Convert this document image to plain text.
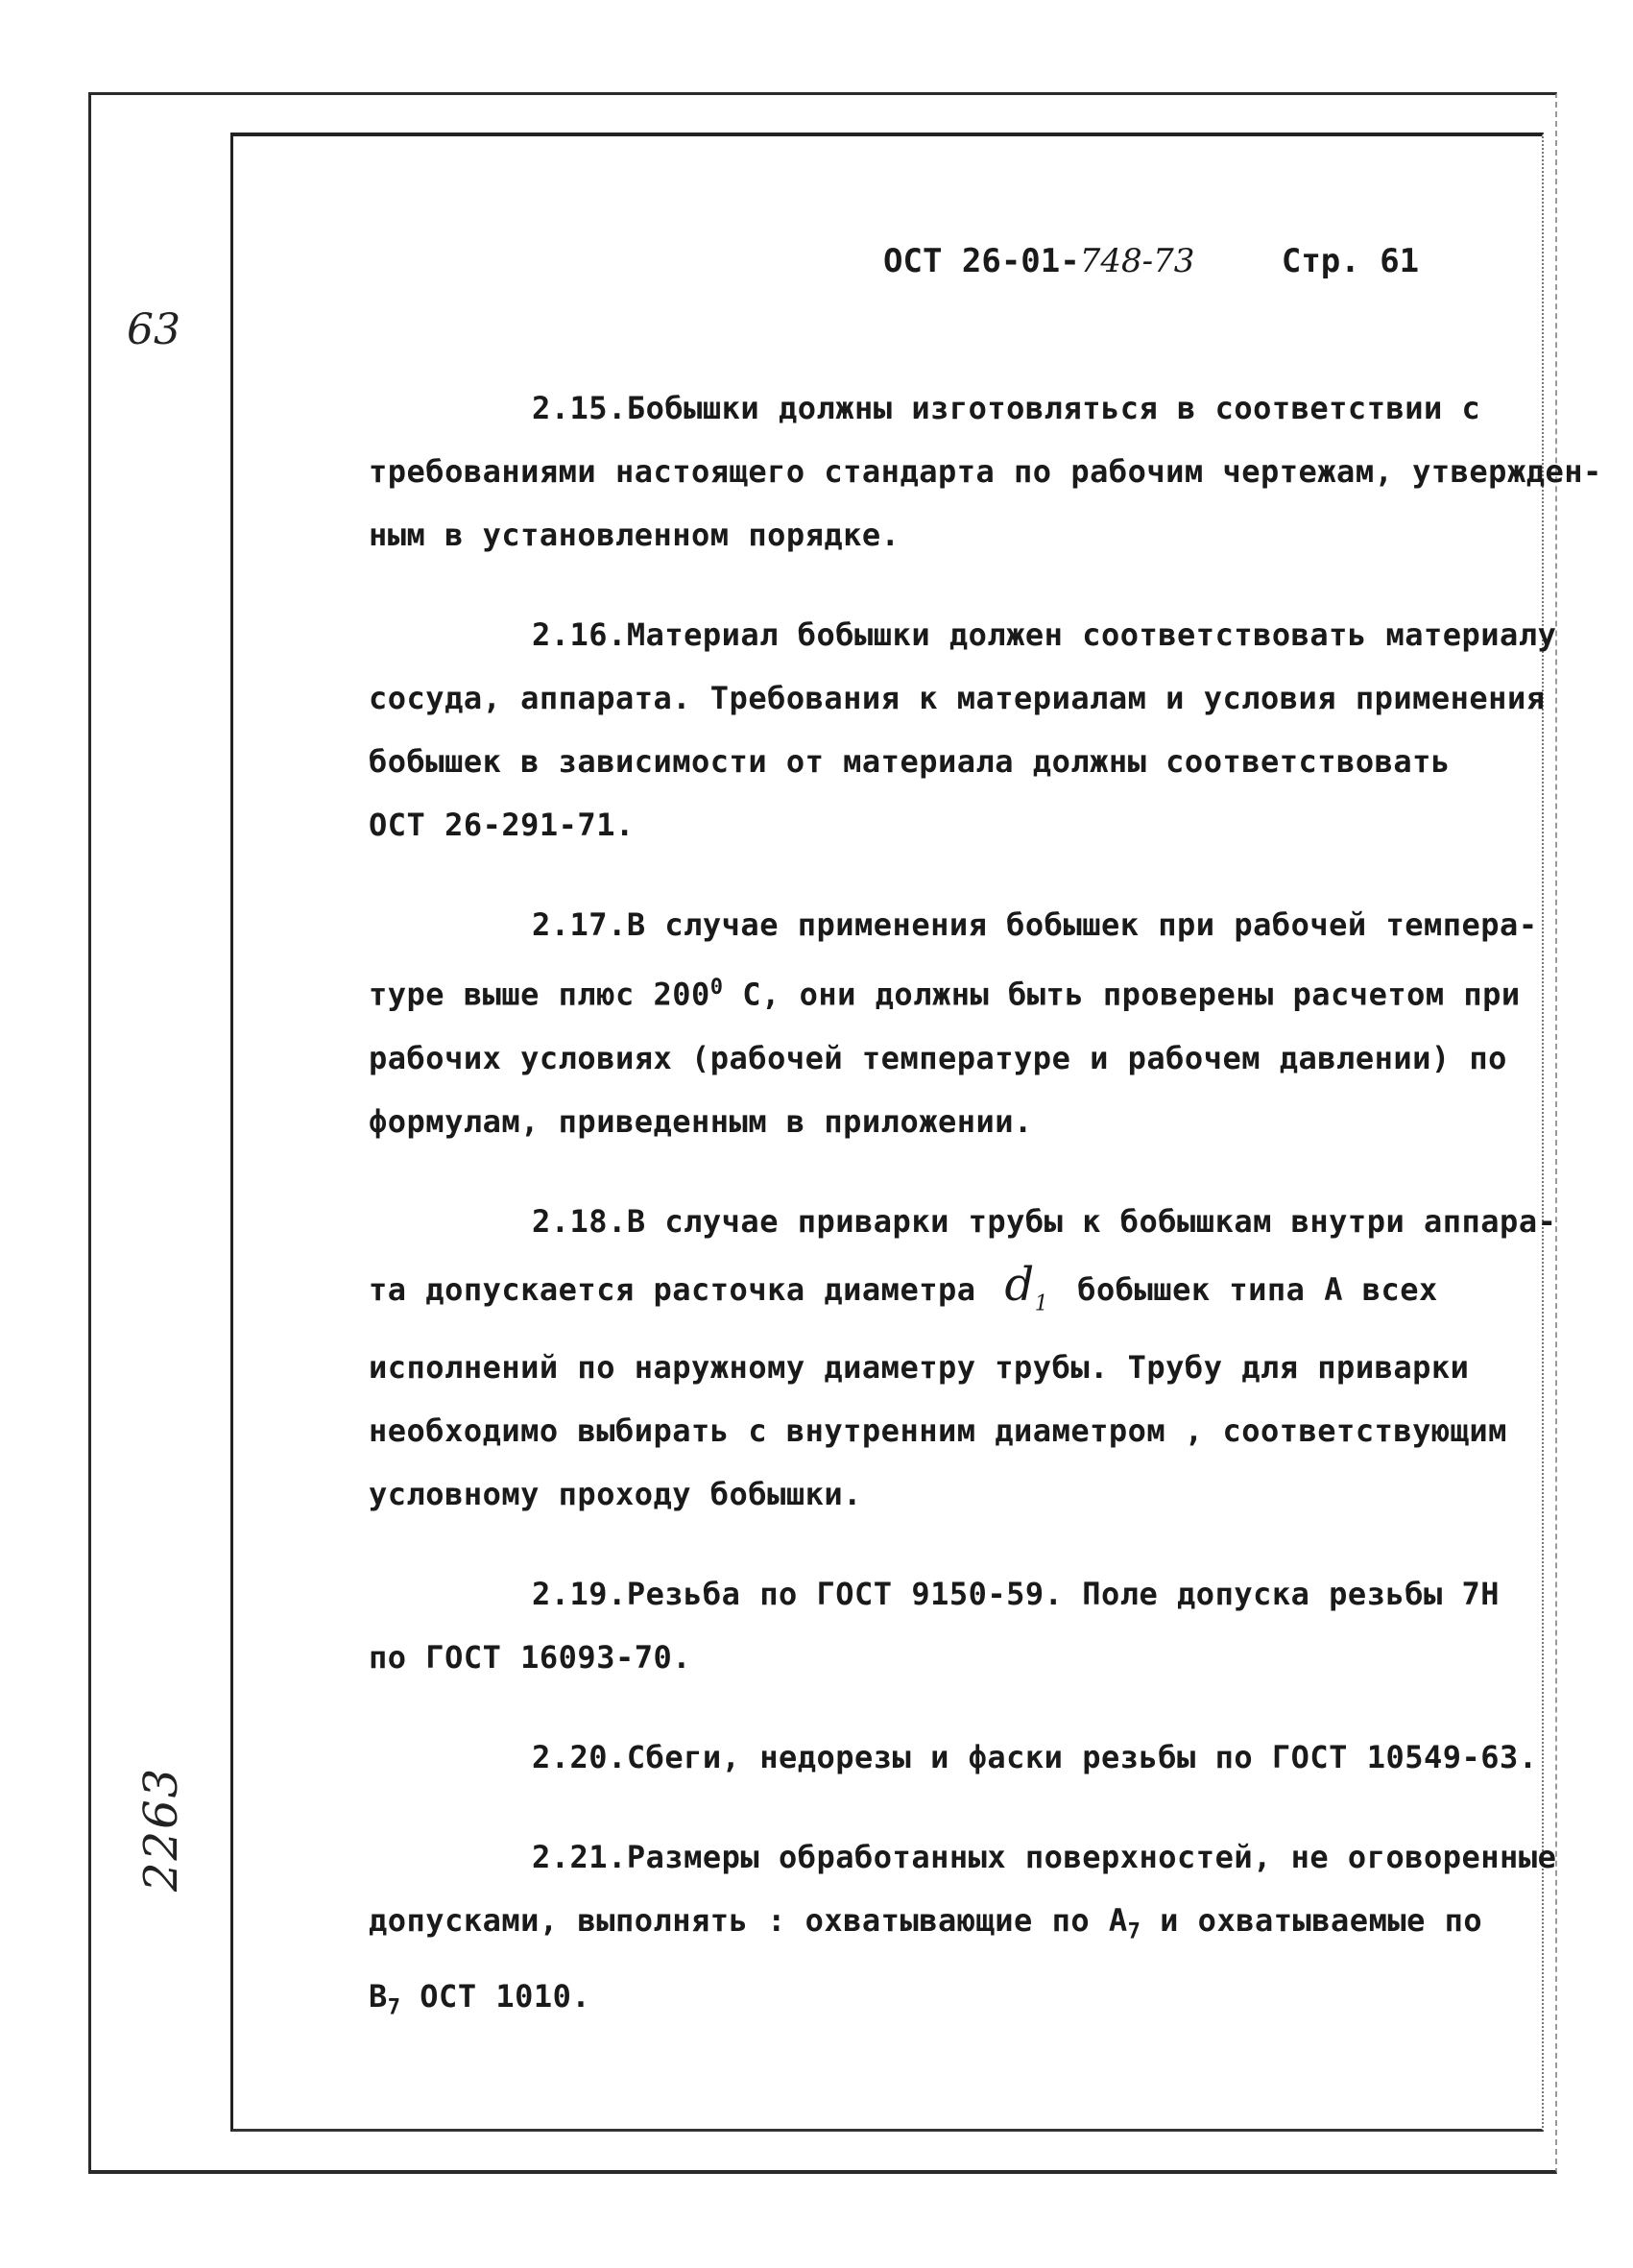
63
2263
ОСТ 26-01-748-73	Стр. 61
2.15.Бобышки должны изготовляться в соответствии с
требованиями настоящего стандарта по рабочим чертежам, утвержден-
ным в установленном порядке.
2.16.Материал бобышки должен соответствовать материалу
сосуда, аппарата. Требования к материалам и условия применения
бобышек в зависимости от материала должны соответствовать
ОСТ 26-291-71.
2.17.В случае применения бобышек при рабочей темпера-
туре выше плюс $200^0$ С, они должны быть проверены расчетом при
рабочих условиях (рабочей температуре и рабочем давлении) по
формулам, приведенным в приложении.
2.18.В случае приварки трубы к бобышкам внутри аппара-
та допускается расточка диаметра $d_1$ бобышек типа А всех
исполнений по наружному диаметру трубы. Трубу для приварки
необходимо выбирать с внутренним диаметром , соответствующим
условному проходу бобышки.
2.19.Резьба по ГОСТ 9150-59. Поле допуска резьбы 7Н
по ГОСТ 16093-70.
2.20.Сбеги, недорезы и фаски резьбы по ГОСТ 10549-63.
2.21.Размеры обработанных поверхностей, не оговоренные
допусками, выполнять : охватывающие по $А_7$ и охватываемые по
$В_7$ ОСТ 1010.
